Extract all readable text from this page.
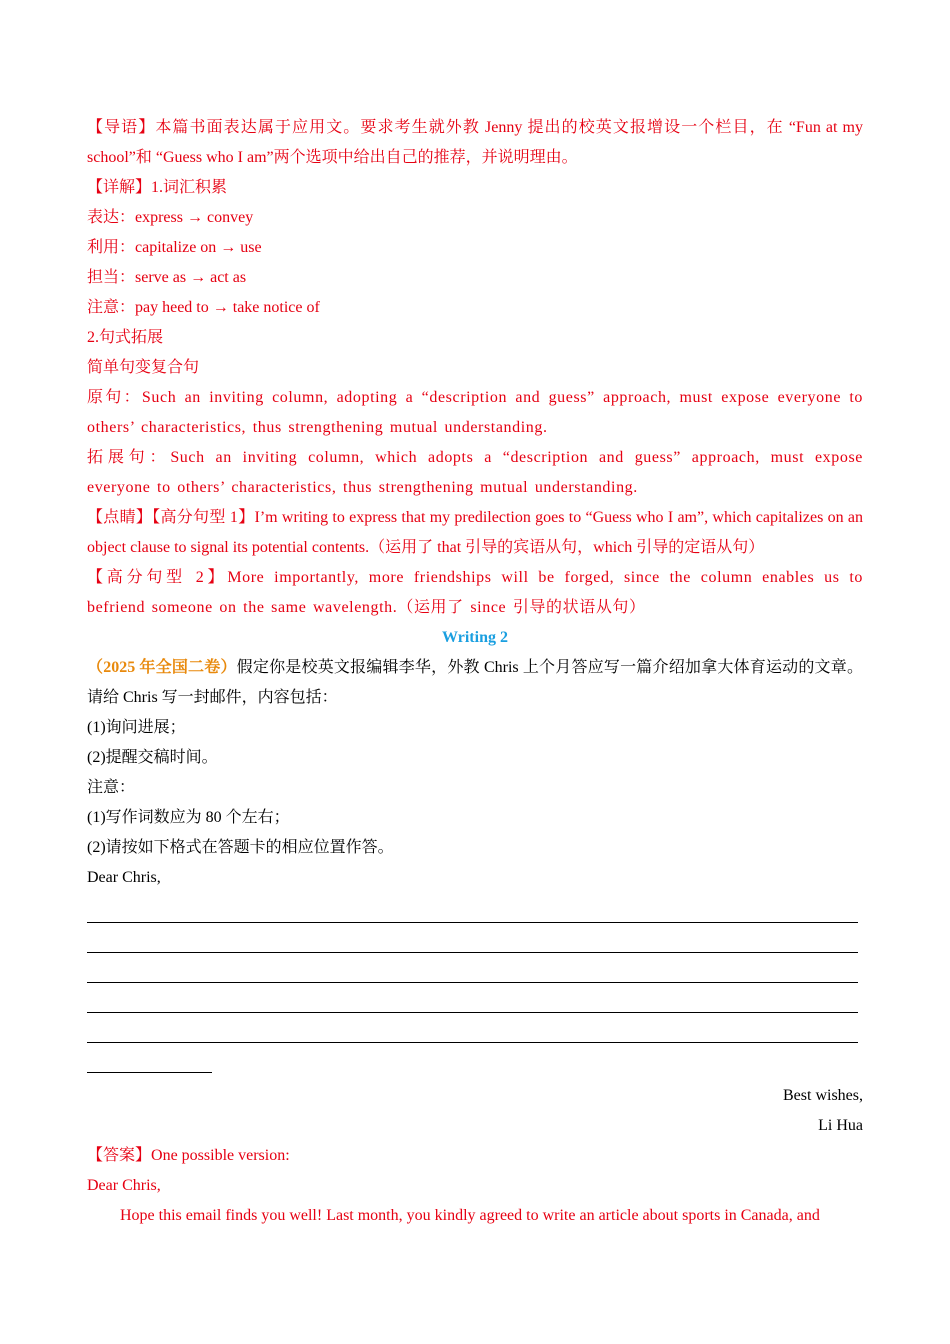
【导语】本篇书面表达属于应用文。要求考生就外教 Jenny 提出的校英文报增设一个栏目，在 “Fun at my school”和 “Guess who I am”两个选项中给出自己的推荐，并说明理由。
【详解】1.词汇积累
表达：express → convey
利用：capitalize on → use
担当：serve as → act as
注意：pay heed to → take notice of
2.句式拓展
简单句变复合句
原句：Such an inviting column, adopting a “description and guess” approach, must expose everyone to others’ characteristics, thus strengthening mutual understanding.
拓展句：Such an inviting column, which adopts a “description and guess” approach, must expose everyone to others’ characteristics, thus strengthening mutual understanding.
【点睛】【高分句型 1】I’m writing to express that my predilection goes to “Guess who I am”, which capitalizes on an object clause to signal its potential contents.（运用了 that 引导的宾语从句，which 引导的定语从句）
【高分句型 2】More importantly, more friendships will be forged, since the column enables us to befriend someone on the same wavelength.（运用了 since 引导的状语从句）
Writing 2
（2025 年全国二卷）假定你是校英文报编辑李华，外教 Chris 上个月答应写一篇介绍加拿大体育运动的文章。请给 Chris 写一封邮件，内容包括：
(1)询问进展；
(2)提醒交稿时间。
注意：
(1)写作词数应为 80 个左右；
(2)请按如下格式在答题卡的相应位置作答。
Dear Chris,
Best wishes,
Li Hua
【答案】One possible version:
Dear Chris,
Hope this email finds you well! Last month, you kindly agreed to write an article about sports in Canada, and
